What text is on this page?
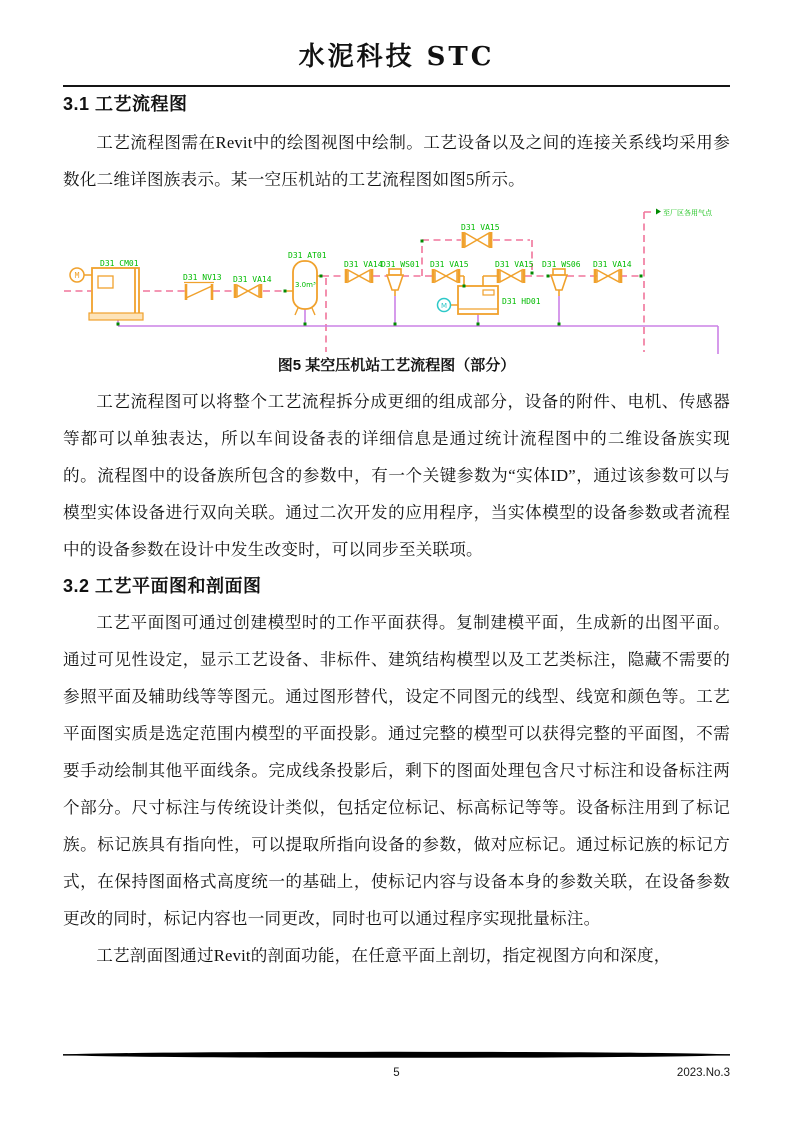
水泥科技 STC
3.1 工艺流程图

工艺流程图需在Revit中的绘图视图中绘制。工艺设备以及之间的连接关系线均采用参数化二维详图族表示。某一空压机站的工艺流程图如图5所示。

M
D31 CM01
D31 NV13 D31 VA14
3.0m³
D31 AT01
D31 VA14
D31 WS01 D31 VA15
D31 VA15
M	D31 HD01
D31 VA15 D31 WS06 D31 VA14
至厂区各用气点
图5 某空压机站工艺流程图（部分）

工艺流程图可以将整个工艺流程拆分成更细的组成部分，设备的附件、电机、传感器等都可以单独表达，所以车间设备表的详细信息是通过统计流程图中的二维设备族实现的。流程图中的设备族所包含的参数中，有一个关键参数为“实体ID”，通过该参数可以与模型实体设备进行双向关联。通过二次开发的应用程序，当实体模型的设备参数或者流程中的设备参数在设计中发生改变时，可以同步至关联项。

3.2 工艺平面图和剖面图

工艺平面图可通过创建模型时的工作平面获得。复制建模平面，生成新的出图平面。通过可见性设定，显示工艺设备、非标件、建筑结构模型以及工艺类标注，隐藏不需要的参照平面及辅助线等等图元。通过图形替代，设定不同图元的线型、线宽和颜色等。工艺平面图实质是选定范围内模型的平面投影。通过完整的模型可以获得完整的平面图，不需要手动绘制其他平面线条。完成线条投影后，剩下的图面处理包含尺寸标注和设备标注两个部分。尺寸标注与传统设计类似，包括定位标记、标高标记等等。设备标注用到了标记族。标记族具有指向性，可以提取所指向设备的参数，做对应标记。通过标记族的标记方式，在保持图面格式高度统一的基础上，使标记内容与设备本身的参数关联，在设备参数更改的同时，标记内容也一同更改，同时也可以通过程序实现批量标注。

工艺剖面图通过Revit的剖面功能，在任意平面上剖切，指定视图方向和深度，

5	2023.No.3
